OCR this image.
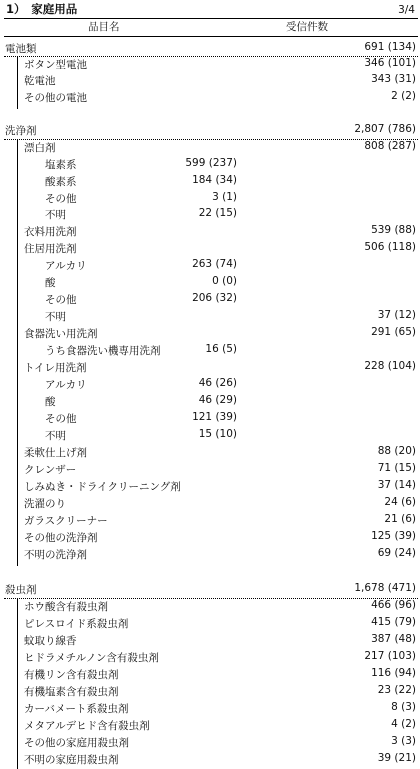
1）　家庭用品	3/4
品目名	受信件数
電池類	691 (134)
ボタン型電池	346 (101)
乾電池	343 (31)
その他の電池	2 (2)
洗浄剤	2,807 (786)
漂白剤	808 (287)
塩素系	599 (237)
酸素系	184 (34)
その他	3 (1)
不明	22 (15)
衣料用洗剤	539 (88)
住居用洗剤	506 (118)
アルカリ	263 (74)
酸	0 (0)
その他	206 (32)
不明	37 (12)
食器洗い用洗剤	291 (65)
うち食器洗い機専用洗剤	16 (5)
トイレ用洗剤	228 (104)
アルカリ	46 (26)
酸	46 (29)
その他	121 (39)
不明	15 (10)
柔軟仕上げ剤	88 (20)
クレンザー	71 (15)
しみぬき・ドライクリーニング剤	37 (14)
洗濯のり	24 (6)
ガラスクリーナー	21 (6)
その他の洗浄剤	125 (39)
不明の洗浄剤	69 (24)
殺虫剤	1,678 (471)
ホウ酸含有殺虫剤	466 (96)
ピレスロイド系殺虫剤	415 (79)
蚊取り線香	387 (48)
ヒドラメチルノン含有殺虫剤	217 (103)
有機リン含有殺虫剤	116 (94)
有機塩素含有殺虫剤	23 (22)
カーバメート系殺虫剤	8 (3)
メタアルデヒド含有殺虫剤	4 (2)
その他の家庭用殺虫剤	3 (3)
不明の家庭用殺虫剤	39 (21)
